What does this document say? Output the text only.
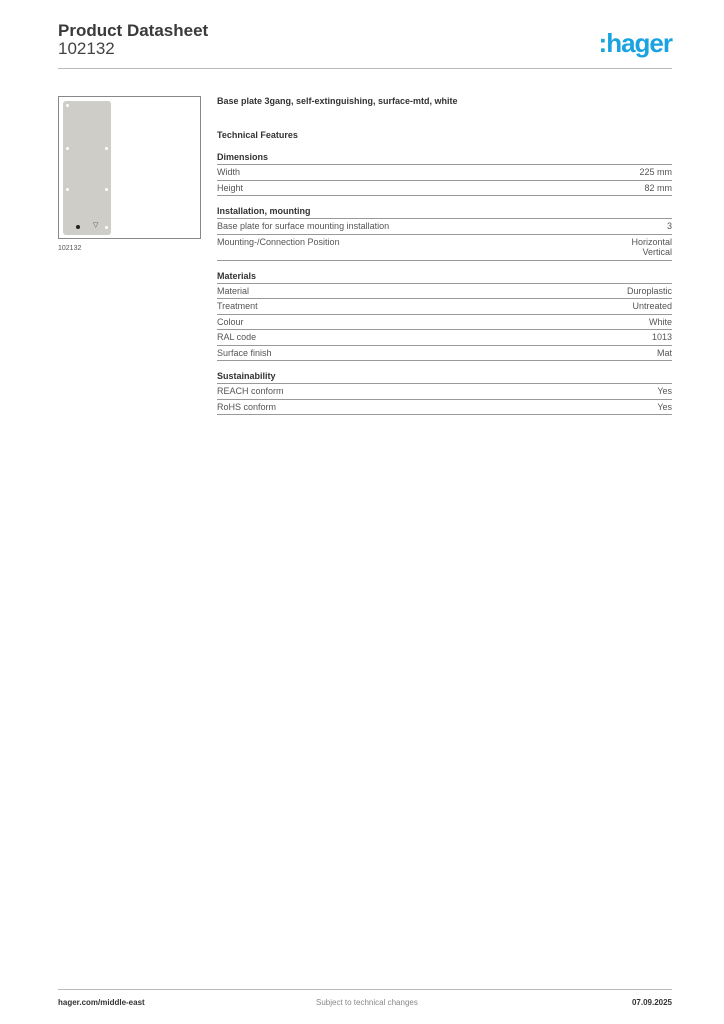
Product Datasheet
102132	:hager
▽
102132
Base plate 3gang, self-extinguishing, surface-mtd, white
Technical Features
Dimensions
Width	225 mm
Height	82 mm
Installation, mounting
Base plate for surface mounting installation	3
Mounting-/Connection Position	Horizontal
Vertical
Materials
Material	Duroplastic
Treatment	Untreated
Colour	White
RAL code	1013
Surface finish	Mat
Sustainability
REACH conform	Yes
RoHS conform	Yes
hager.com/middle-east	Subject to technical changes	07.09.2025
